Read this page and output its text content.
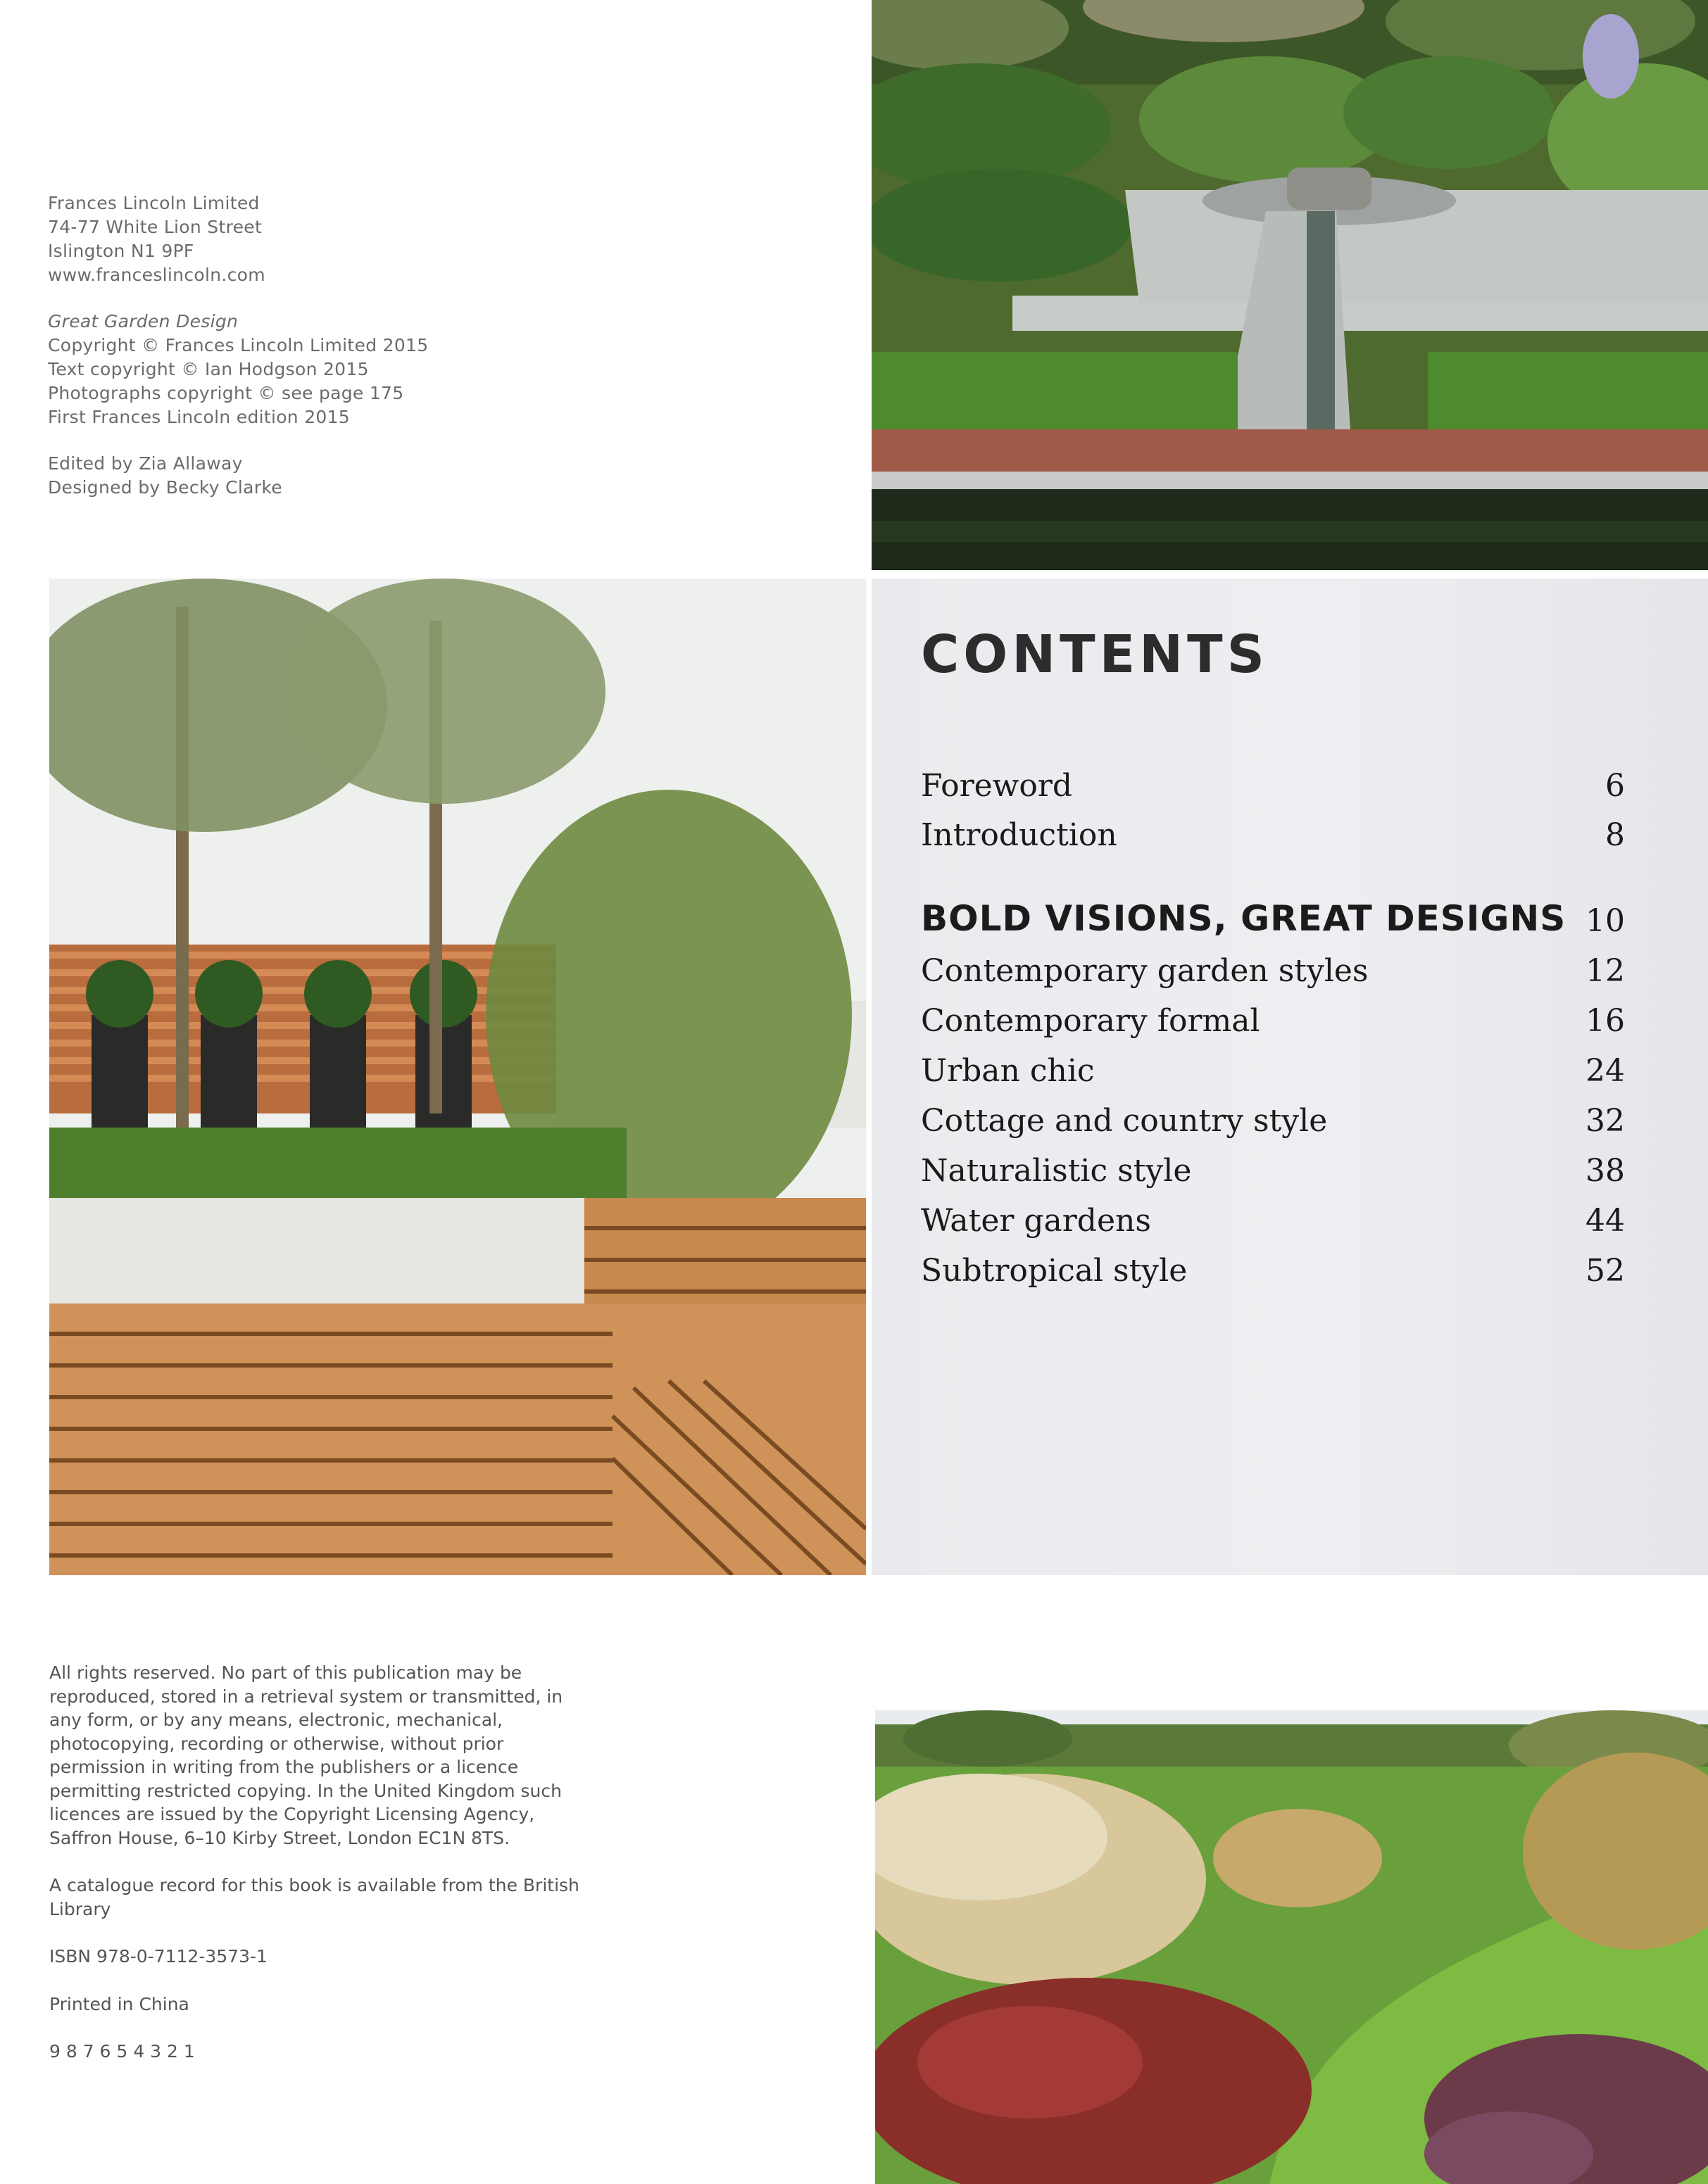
Frances Lincoln Limited
74-77 White Lion Street
Islington N1 9PF
www.franceslincoln.com
Great Garden Design
Copyright © Frances Lincoln Limited 2015
Text copyright © Ian Hodgson 2015
Photographs copyright © see page 175
First Frances Lincoln edition 2015
Edited by Zia Allaway
Designed by Becky Clarke
CONTENTS
Foreword	6
Introduction	8
BOLD VISIONS, GREAT DESIGNS 10
Contemporary garden styles	12
Contemporary formal	16
Urban chic	24
Cottage and country style	32
Naturalistic style	38
Water gardens	44
Subtropical style	52

All rights reserved. No part of this publication may be reproduced, stored in a retrieval system or transmitted, in any form, or by any means, electronic, mechanical, photocopying, recording or otherwise, without prior permission in writing from the publishers or a licence permitting restricted copying. In the United Kingdom such licences are issued by the Copyright Licensing Agency, Saffron House, 6–10 Kirby Street, London EC1N 8TS.

A catalogue record for this book is available from the British Library

ISBN 978-0-7112-3573-1

Printed in China

9 8 7 6 5 4 3 2 1
